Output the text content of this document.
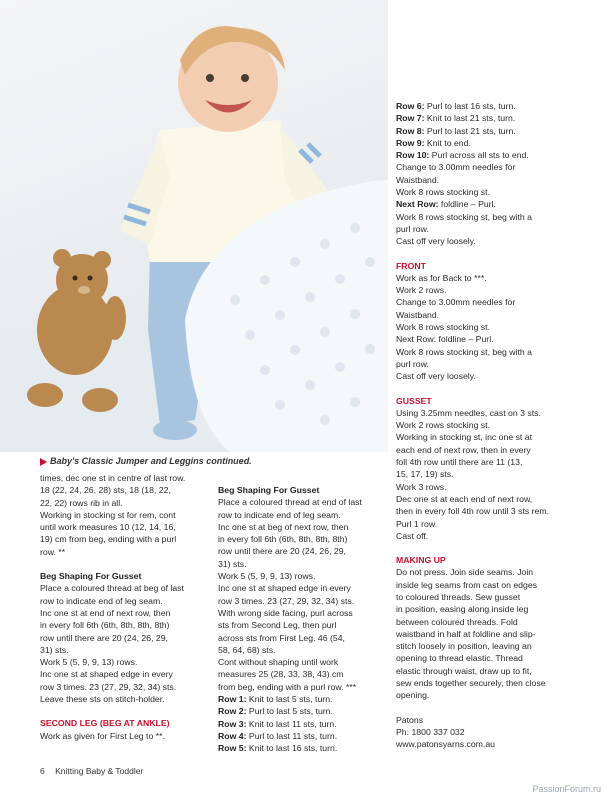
Baby's Classic Jumper and Leggins continued.

times, dec one st in centre of last row.

18 (22, 24, 26, 28) sts, 18 (18, 22,

22, 22) rows rib in all.

Working in stocking st for rem, cont

until work measures 10 (12, 14, 16,

19) cm from beg, ending with a purl

row. **

Beg Shaping For Gusset

Place a coloured thread at beg of last

row to indicate end of leg seam.

Inc one st at end of next row, then

in every foll 6th (6th, 8th, 8th, 8th)

row until there are 20 (24, 26, 29,

31) sts.

Work 5 (5, 9, 9, 13) rows.

Inc one st at shaped edge in every

row 3 times. 23 (27, 29, 32, 34) sts.

Leave these sts on stitch-holder.

SECOND LEG (BEG AT ANKLE)

Work as given for First Leg to **.

Beg Shaping For Gusset

Place a coloured thread at end of last

row to indicate end of leg seam.

Inc one st at beg of next row, then

in every foll 6th (6th, 8th, 8th, 8th)

row until there are 20 (24, 26, 29,

31) sts.

Work 5 (5, 9, 9, 13) rows.

Inc one st at shaped edge in every

row 3 times. 23 (27, 29, 32, 34) sts.

With wrong side facing, purl across

sts from Second Leg, then purl

across sts from First Leg. 46 (54,

58, 64, 68) sts.

Cont without shaping until work

measures 25 (28, 33, 38, 43) cm

from beg, ending with a purl row. ***

Row 1: Knit to last 5 sts, turn.

Row 2: Purl to last 5 sts, turn.

Row 3: Knit to last 11 sts, turn.

Row 4: Purl to last 11 sts, turn.

Row 5: Knit to last 16 sts, turn.

Row 6: Purl to last 16 sts, turn.

Row 7: Knit to last 21 sts, turn.

Row 8: Purl to last 21 sts, turn.

Row 9: Knit to end.

Row 10: Purl across all sts to end.

Change to 3.00mm needles for

Waistband.

Work 8 rows stocking st.

Next Row: foldline – Purl.

Work 8 rows stocking st, beg with a

purl row.

Cast off very loosely.

FRONT

Work as for Back to ***.

Work 2 rows.

Change to 3.00mm needles for

Waistband.

Work 8 rows stocking st.

Next Row: foldline – Purl.

Work 8 rows stocking st, beg with a

purl row.

Cast off very loosely.

GUSSET

Using 3.25mm needles, cast on 3 sts.

Work 2 rows stocking st.

Working in stocking st, inc one st at

each end of next row, then in every

foll 4th row until there are 11 (13,

15, 17, 19) sts.

Work 3 rows.

Dec one st at each end of next row,

then in every foll 4th row until 3 sts rem.

Purl 1 row.

Cast off.

MAKING UP

Do not press. Join side seams. Join

inside leg seams from cast on edges

to coloured threads. Sew gusset

in position, easing along inside leg

between coloured threads. Fold

waistband in half at foldline and slip-

stitch loosely in position, leaving an

opening to thread elastic. Thread

elastic through waist, draw up to fit,

sew ends together securely, then close

opening.

Patons

Ph: 1800 337 032

www.patonsyarns.com.au

6 Knitting Baby & Toddler
PassionForum.ru
